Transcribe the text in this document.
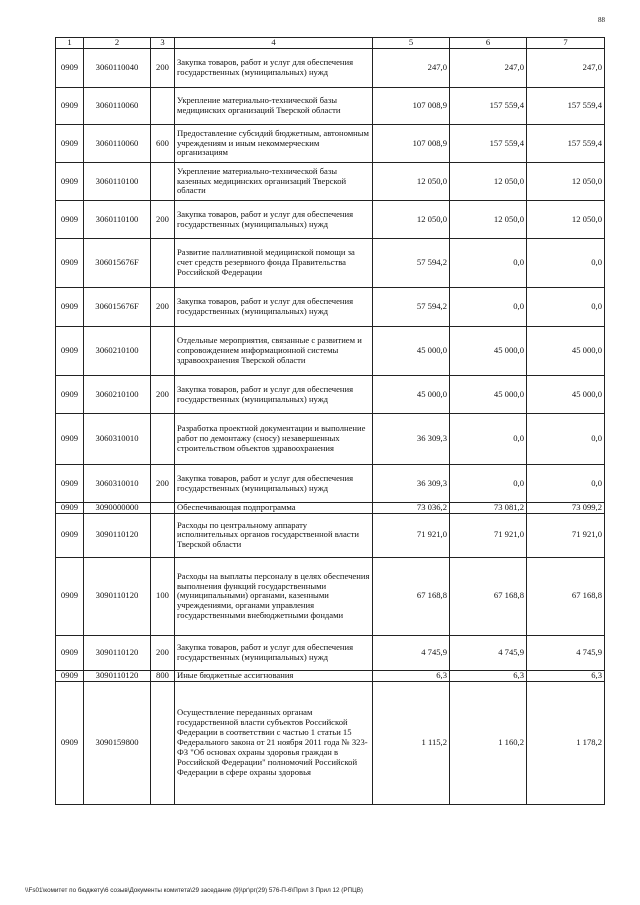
88
1	2	3	4	5	6	7
0909	3060110040	200	Закупка товаров, работ и услуг для обеспечения государственных (муниципальных) нужд	247,0	247,0	247,0
0909	3060110060		Укрепление материально-технической базы медицинских организаций Тверской области	107 008,9	157 559,4	157 559,4
0909	3060110060	600	Предоставление субсидий бюджетным, автономным учреждениям и иным некоммерческим организациям	107 008,9	157 559,4	157 559,4
0909	3060110100		Укрепление материально-технической базы казенных медицинских организаций Тверской области	12 050,0	12 050,0	12 050,0
0909	3060110100	200	Закупка товаров, работ и услуг для обеспечения государственных (муниципальных) нужд	12 050,0	12 050,0	12 050,0
0909	306015676F		Развитие паллиативной медицинской помощи за счет средств резервного фонда Правительства Российской Федерации	57 594,2	0,0	0,0
0909	306015676F	200	Закупка товаров, работ и услуг для обеспечения государственных (муниципальных) нужд	57 594,2	0,0	0,0
0909	3060210100		Отдельные мероприятия, связанные с развитием и сопровождением информационной системы здравоохранения Тверской области	45 000,0	45 000,0	45 000,0
0909	3060210100	200	Закупка товаров, работ и услуг для обеспечения государственных (муниципальных) нужд	45 000,0	45 000,0	45 000,0
0909	3060310010		Разработка проектной документации и выполнение работ по демонтажу (сносу) незавершенных строительством объектов здравоохранения	36 309,3	0,0	0,0
0909	3060310010	200	Закупка товаров, работ и услуг для обеспечения государственных (муниципальных) нужд	36 309,3	0,0	0,0
0909	3090000000		Обеспечивающая подпрограмма	73 036,2	73 081,2	73 099,2
0909	3090110120		Расходы по центральному аппарату исполнительных органов государственной власти Тверской области	71 921,0	71 921,0	71 921,0
0909	3090110120	100	Расходы на выплаты персоналу в целях обеспечения выполнения функций государственными (муниципальными) органами, казенными учреждениями, органами управления государственными внебюджетными фондами	67 168,8	67 168,8	67 168,8
0909	3090110120	200	Закупка товаров, работ и услуг для обеспечения государственных (муниципальных) нужд	4 745,9	4 745,9	4 745,9
0909	3090110120	800	Иные бюджетные ассигнования	6,3	6,3	6,3
0909	3090159800		Осуществление переданных органам государственной власти субъектов Российской Федерации в соответствии с частью 1 статьи 15 Федерального закона от 21 ноября 2011 года № 323-ФЗ "Об основах охраны здоровья граждан в Российской Федерации" полномочий Российской Федерации в сфере охраны здоровья	1 115,2	1 160,2	1 178,2
\\Fs01\комитет по бюджету\6 созыв\Документы комитета\29 заседание (9)\рг\рг(29) 576-П-6\Прил 3 Прил 12 (РПЦВ)
